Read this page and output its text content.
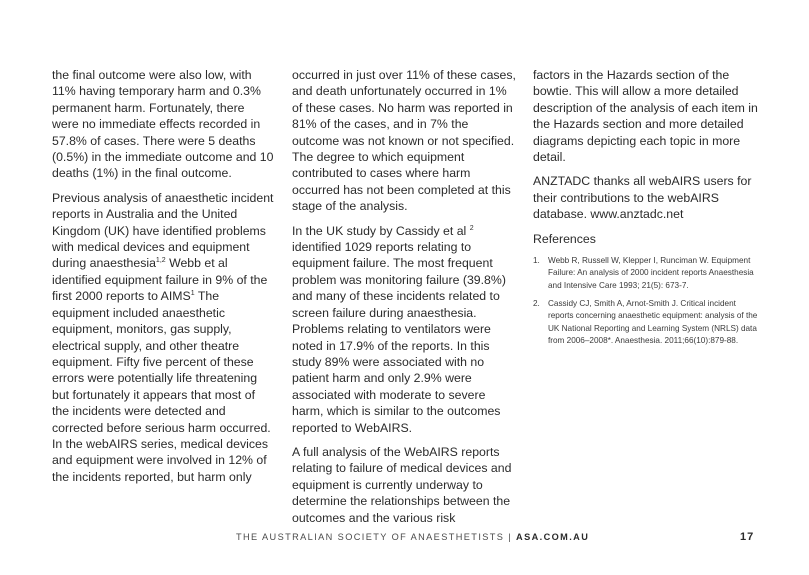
the final outcome were also low, with 11% having temporary harm and 0.3% permanent harm. Fortunately, there were no immediate effects recorded in 57.8% of cases. There were 5 deaths (0.5%) in the immediate outcome and 10 deaths (1%) in the final outcome.

Previous analysis of anaesthetic incident reports in Australia and the United Kingdom (UK) have identified problems with medical devices and equipment during anaesthesia$^{1,2}$ Webb et al identified equipment failure in 9% of the first 2000 reports to AIMS$^1$ The equipment included anaesthetic equipment, monitors, gas supply, electrical supply, and other theatre equipment. Fifty five percent of these errors were potentially life threatening but fortunately it appears that most of the incidents were detected and corrected before serious harm occurred. In the webAIRS series, medical devices and equipment were involved in 12% of the incidents reported, but harm only

occurred in just over 11% of these cases, and death unfortunately occurred in 1% of these cases. No harm was reported in 81% of the cases, and in 7% the outcome was not known or not specified. The degree to which equipment contributed to cases where harm occurred has not been completed at this stage of the analysis.

In the UK study by Cassidy et al $^2$ identified 1029 reports relating to equipment failure. The most frequent problem was monitoring failure (39.8%) and many of these incidents related to screen failure during anaesthesia. Problems relating to ventilators were noted in 17.9% of the reports. In this study 89% were associated with no patient harm and only 2.9% were associated with moderate to severe harm, which is similar to the outcomes reported to WebAIRS.

A full analysis of the WebAIRS reports relating to failure of medical devices and equipment is currently underway to determine the relationships between the outcomes and the various risk

factors in the Hazards section of the bowtie. This will allow a more detailed description of the analysis of each item in the Hazards section and more detailed diagrams depicting each topic in more detail.

ANZTADC thanks all webAIRS users for their contributions to the webAIRS database. www.anztadc.net

References
1. Webb R, Russell W, Klepper I, Runciman W. Equipment Failure: An analysis of 2000 incident reports Anaesthesia and Intensive Care 1993; 21(5): 673-7.
2. Cassidy CJ, Smith A, Arnot-Smith J. Critical incident reports concerning anaesthetic equipment: analysis of the UK National Reporting and Learning System (NRLS) data from 2006–2008*. Anaesthesia. 2011;66(10):879-88.
THE AUSTRALIAN SOCIETY OF ANAESTHETISTS | ASA.COM.AU	17
